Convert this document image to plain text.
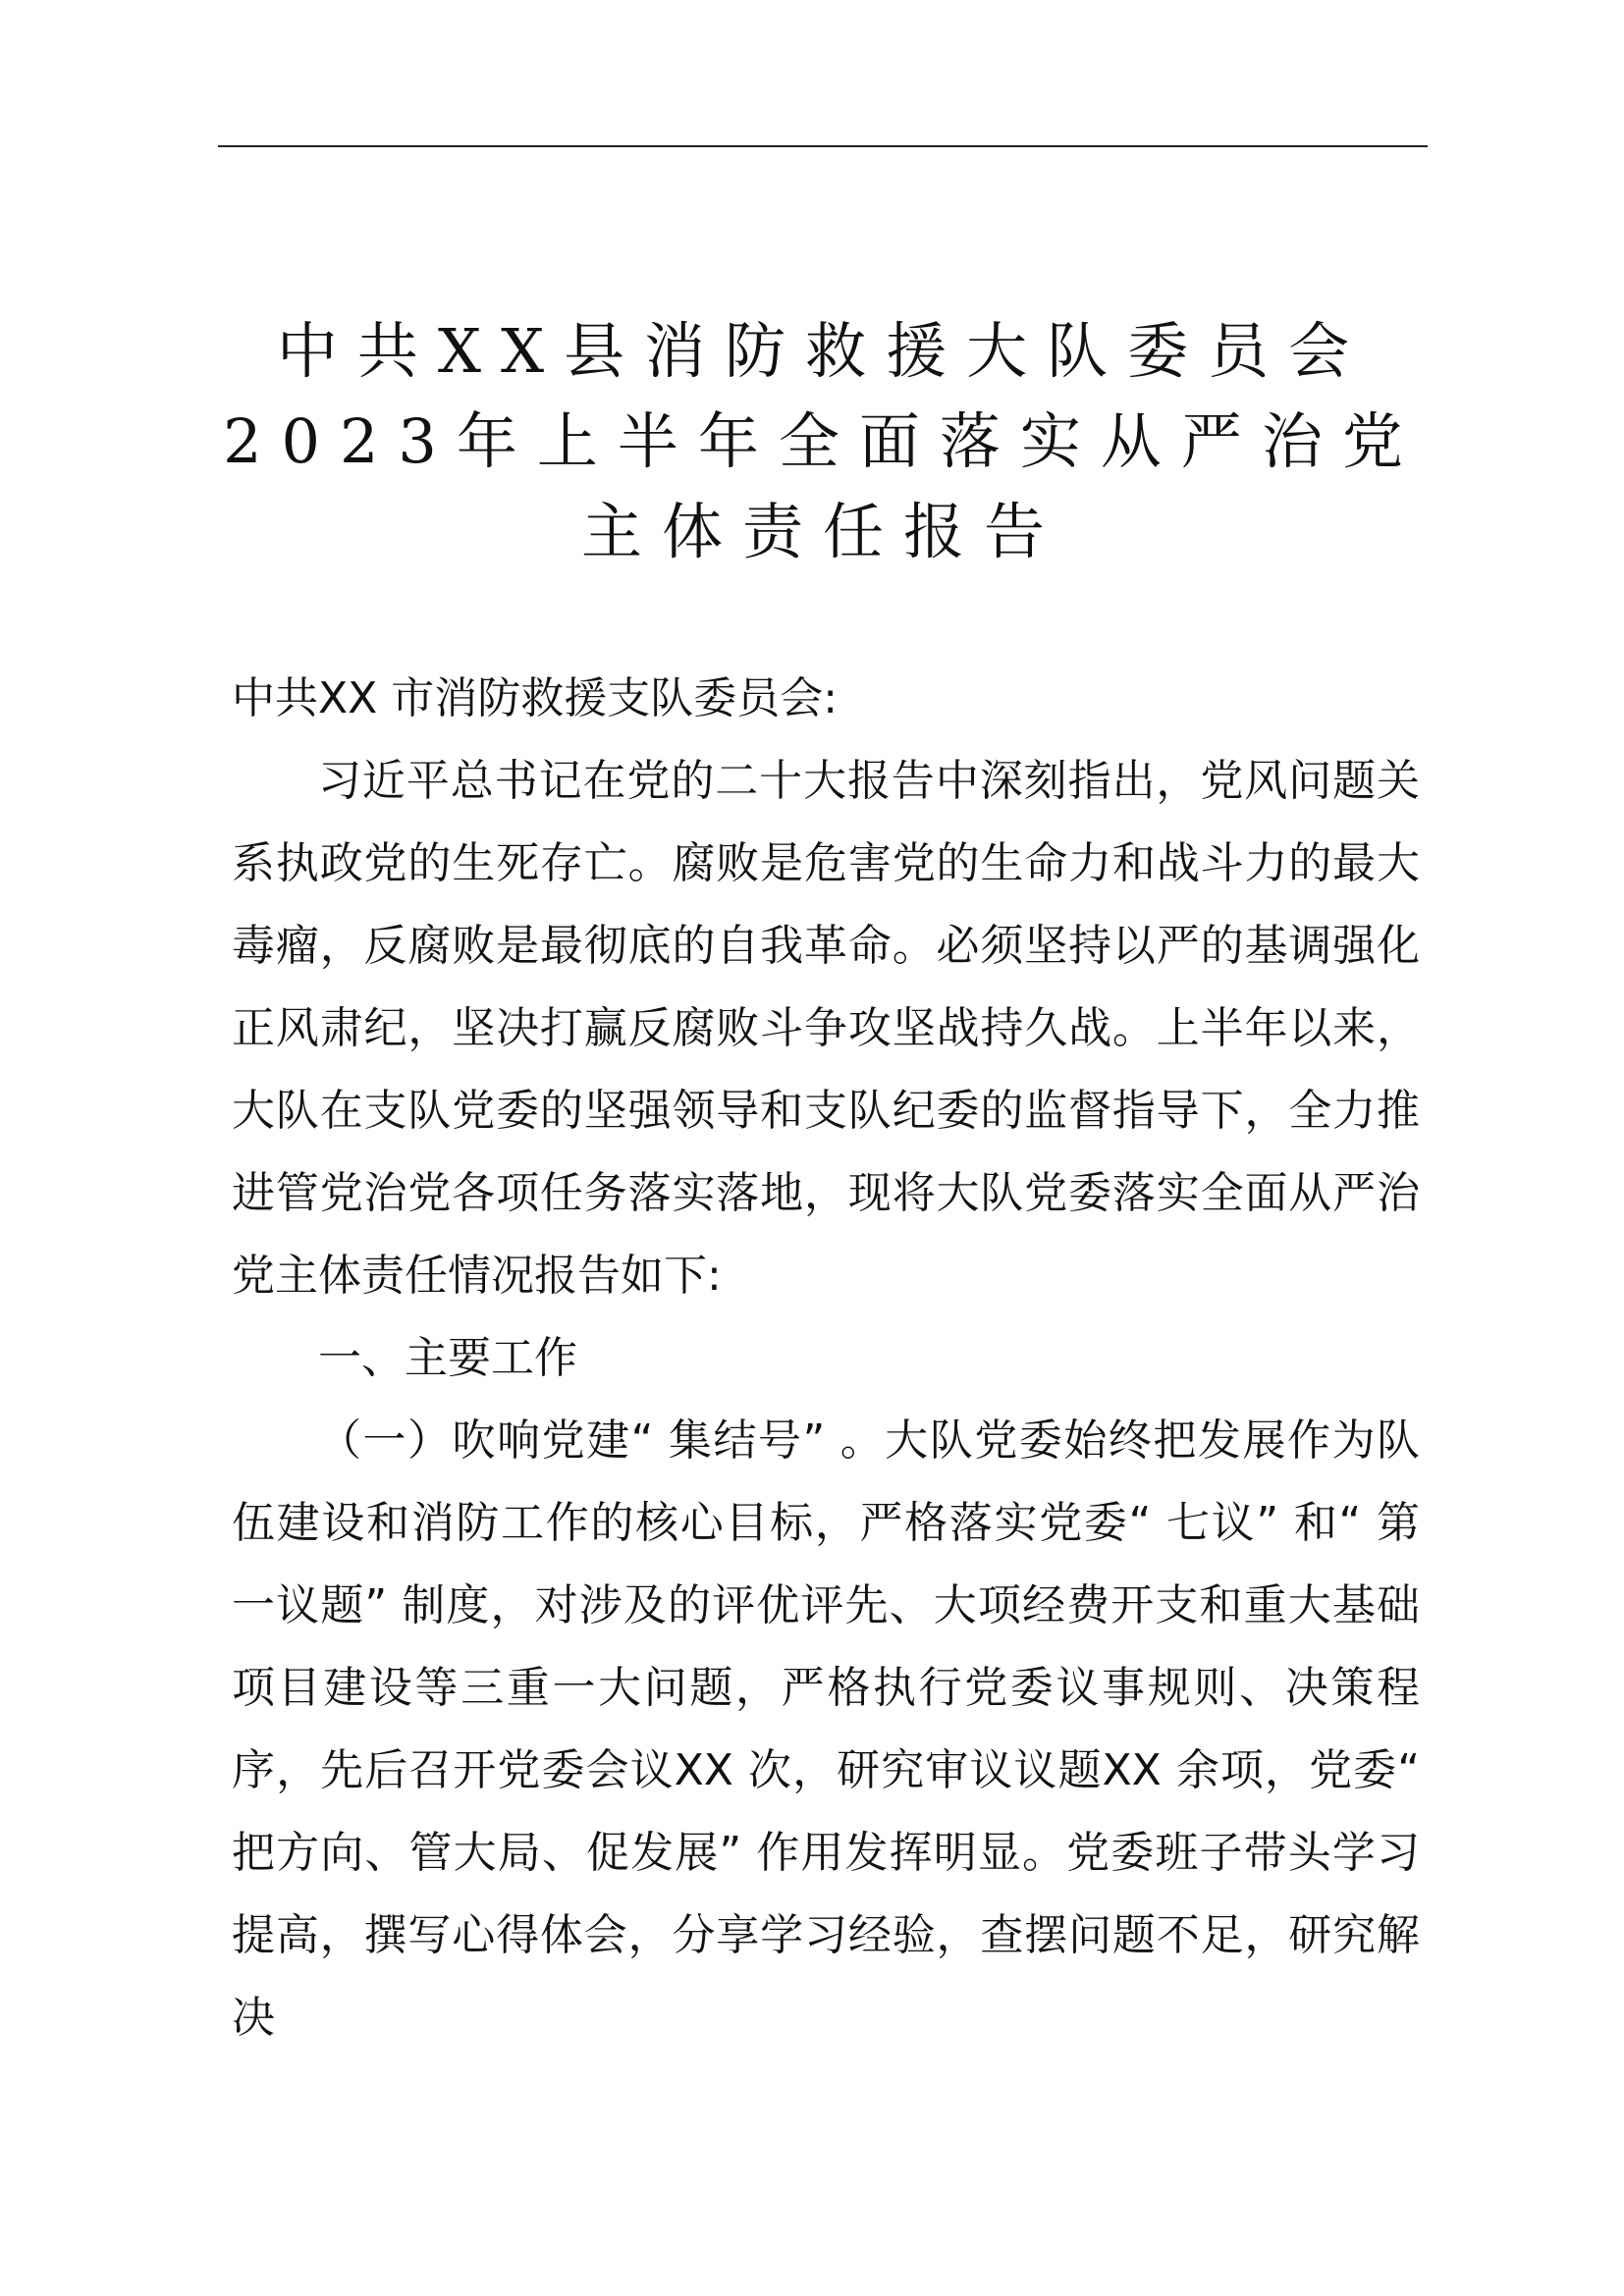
中共XX县消防救援大队委员会
2023年上半年全面落实从严治党
主体责任报告

中共XX 市消防救援支队委员会:

习近平总书记在党的二十大报告中深刻指出，党风问题关系执政党的生死存亡。腐败是危害党的生命力和战斗力的最大毒瘤，反腐败是最彻底的自我革命。必须坚持以严的基调强化正风肃纪，坚决打赢反腐败斗争攻坚战持久战。上半年以来，大队在支队党委的坚强领导和支队纪委的监督指导下，全力推进管党治党各项任务落实落地，现将大队党委落实全面从严治党主体责任情况报告如下:

一、主要工作

（一）吹响党建“ 集结号” 。大队党委始终把发展作为队伍建设和消防工作的核心目标，严格落实党委“ 七议” 和“ 第一议题” 制度，对涉及的评优评先、大项经费开支和重大基础项目建设等三重一大问题，严格执行党委议事规则、决策程序，先后召开党委会议XX 次，研究审议议题XX 余项，党委“ 把方向、管大局、促发展” 作用发挥明显。党委班子带头学习提高，撰写心得体会，分享学习经验，查摆问题不足，研究解决
